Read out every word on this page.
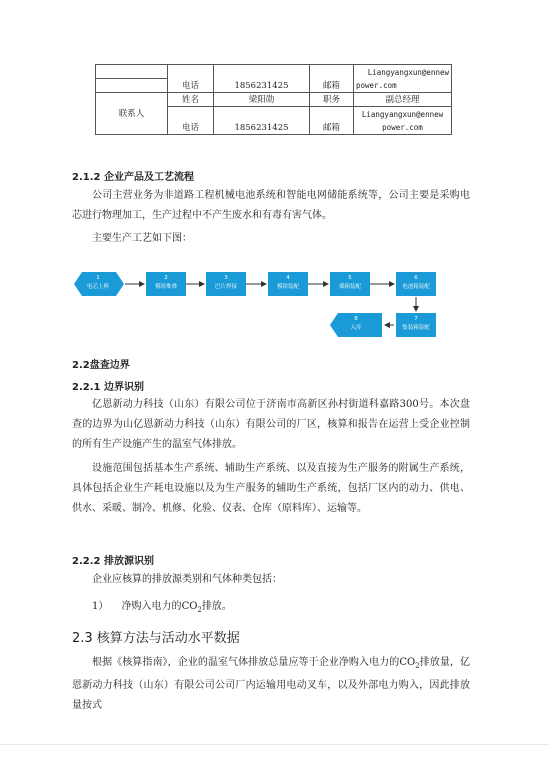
	电话	1856231425	邮箱	Liangyangxun@ennew
power.com

联系人	姓名	梁阳勋	职务	副总经理
	电话	1856231425	邮箱	Liangyangxun@ennew
power.com

2.1.2 企业产品及工艺流程
公司主营业务为非道路工程机械电池系统和智能电网储能系统等，公司主要是采购电芯进行物理加工，生产过程中不产生废水和有毒有害气体。
主要生产工艺如下图：
1
电芯上料
2
模组堆叠
3
巴片焊接
4
模组装配
5
插箱装配
6
电池箱装配
7
集装箱装配
8
入库
2.2盘查边界
2.2.1 边界识别
亿恩新动力科技（山东）有限公司位于济南市高新区孙村街道科嘉路300号。本次盘查的边界为山亿恩新动力科技（山东）有限公司的厂区，核算和报告在运营上受企业控制的所有生产设施产生的温室气体排放。
设施范围包括基本生产系统、辅助生产系统、以及直接为生产服务的附属生产系统，具体包括企业生产耗电设施以及为生产服务的辅助生产系统，包括厂区内的动力、供电、供水、采暖、制冷、机修、化验、仪表、仓库（原料库）、运输等。
2.2.2 排放源识别
企业应核算的排放源类别和气体种类包括：
1） 净购入电力的$CO_2$排放。
2.3 核算方法与活动水平数据
根据《核算指南》，企业的温室气体排放总量应等于企业净购入电力的$CO_2$排放量，亿恩新动力科技（山东）有限公司公司厂内运输用电动叉车，以及外部电力购入，因此排放量按式
